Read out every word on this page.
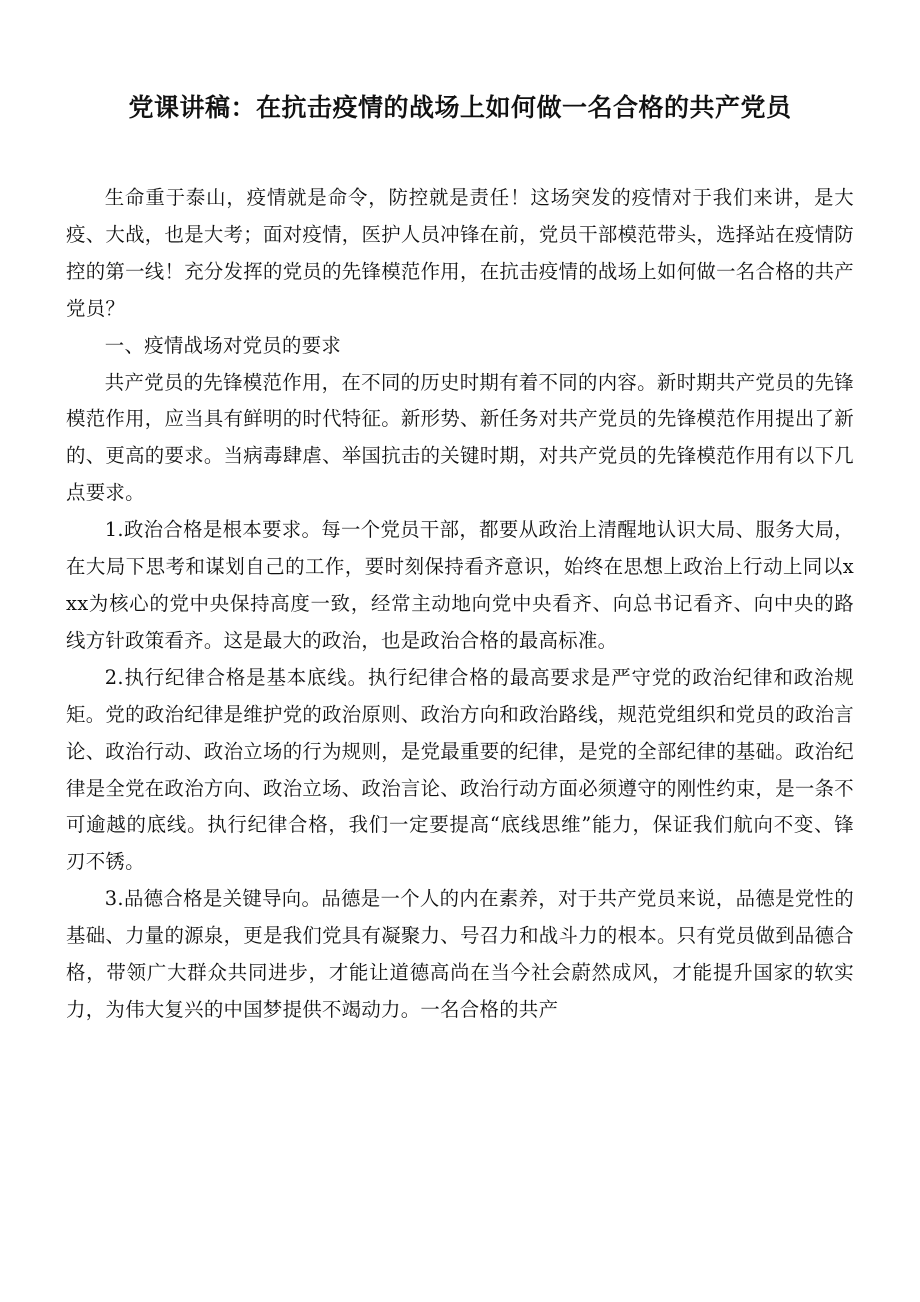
党课讲稿：在抗击疫情的战场上如何做一名合格的共产党员

生命重于泰山，疫情就是命令，防控就是责任！这场突发的疫情对于我们来讲，是大疫、大战，也是大考；面对疫情，医护人员冲锋在前，党员干部模范带头，选择站在疫情防控的第一线！充分发挥的党员的先锋模范作用，在抗击疫情的战场上如何做一名合格的共产党员？

一、疫情战场对党员的要求

共产党员的先锋模范作用，在不同的历史时期有着不同的内容。新时期共产党员的先锋模范作用，应当具有鲜明的时代特征。新形势、新任务对共产党员的先锋模范作用提出了新的、更高的要求。当病毒肆虐、举国抗击的关键时期，对共产党员的先锋模范作用有以下几点要求。

1.政治合格是根本要求。每一个党员干部，都要从政治上清醒地认识大局、服务大局，在大局下思考和谋划自己的工作，要时刻保持看齐意识，始终在思想上政治上行动上同以xxx为核心的党中央保持高度一致，经常主动地向党中央看齐、向总书记看齐、向中央的路线方针政策看齐。这是最大的政治，也是政治合格的最高标准。

2.执行纪律合格是基本底线。执行纪律合格的最高要求是严守党的政治纪律和政治规矩。党的政治纪律是维护党的政治原则、政治方向和政治路线，规范党组织和党员的政治言论、政治行动、政治立场的行为规则，是党最重要的纪律，是党的全部纪律的基础。政治纪律是全党在政治方向、政治立场、政治言论、政治行动方面必须遵守的刚性约束，是一条不可逾越的底线。执行纪律合格，我们一定要提高“底线思维”能力，保证我们航向不变、锋刃不锈。

3.品德合格是关键导向。品德是一个人的内在素养，对于共产党员来说，品德是党性的基础、力量的源泉，更是我们党具有凝聚力、号召力和战斗力的根本。只有党员做到品德合格，带领广大群众共同进步，才能让道德高尚在当今社会蔚然成风，才能提升国家的软实力，为伟大复兴的中国梦提供不竭动力。一名合格的共产
